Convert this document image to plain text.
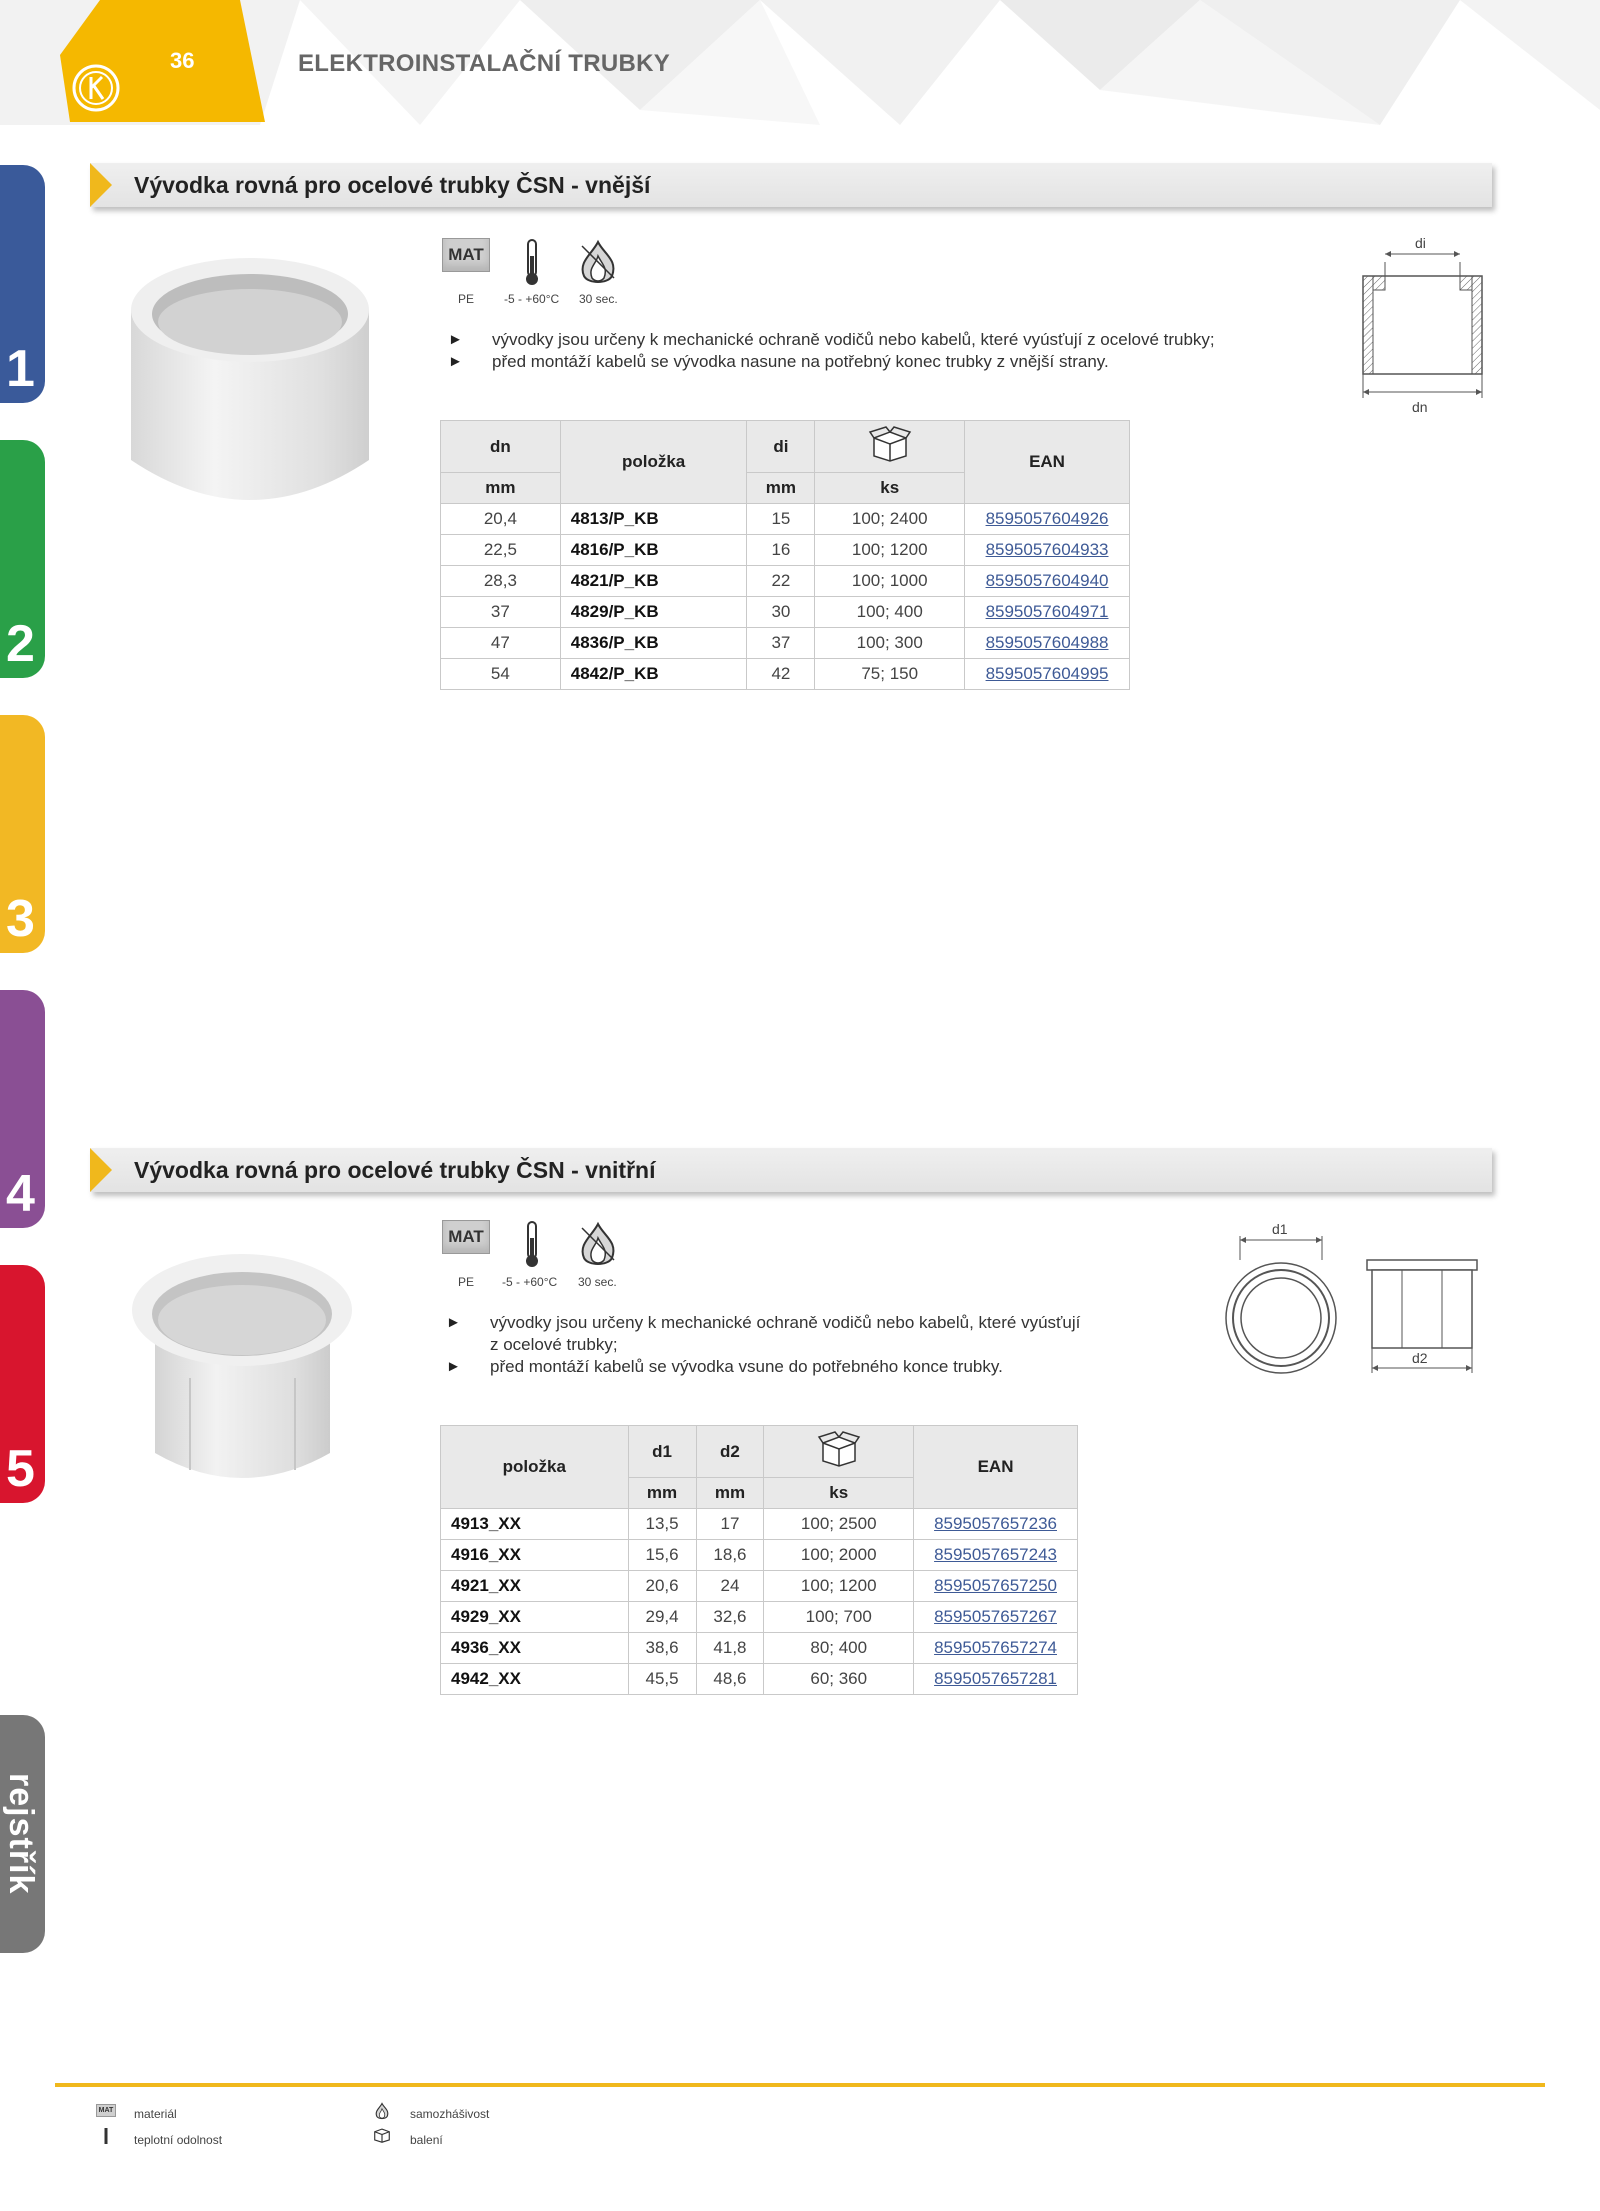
36	ELEKTROINSTALAČNÍ TRUBKY
1
2
3
4
5
rejstřík
Vývodka rovná pro ocelové trubky ČSN - vnější
MAT
PE -5 - +60°C 30 sec.
► vývodky jsou určeny k mechanické ochraně vodičů nebo kabelů, které vyúsťují z ocelové trubky;
► před montáží kabelů se vývodka nasune na potřebný konec trubky z vnější strany.
di
dn
dn	položka	di		EAN
mm		mm	ks	
20,4	4813/P_KB	15	100; 2400	8595057604926
22,5	4816/P_KB	16	100; 1200	8595057604933
28,3	4821/P_KB	22	100; 1000	8595057604940
37	4829/P_KB	30	100; 400	8595057604971
47	4836/P_KB	37	100; 300	8595057604988
54	4842/P_KB	42	75; 150	8595057604995
Vývodka rovná pro ocelové trubky ČSN - vnitřní
MAT
PE -5 - +60°C 30 sec.
► vývodky jsou určeny k mechanické ochraně vodičů nebo kabelů, které vyúsťují
z ocelové trubky;
► před montáží kabelů se vývodka vsune do potřebného konce trubky.
d1
d2
položka	d1	d2		EAN
	mm	mm	ks	
4913_XX	13,5	17	100; 2500	8595057657236
4916_XX	15,6	18,6	100; 2000	8595057657243
4921_XX	20,6	24	100; 1200	8595057657250
4929_XX	29,4	32,6	100; 700	8595057657267
4936_XX	38,6	41,8	80; 400	8595057657274
4942_XX	45,5	48,6	60; 360	8595057657281
MAT materiál
teplotní odolnost
samozhášivost
balení
